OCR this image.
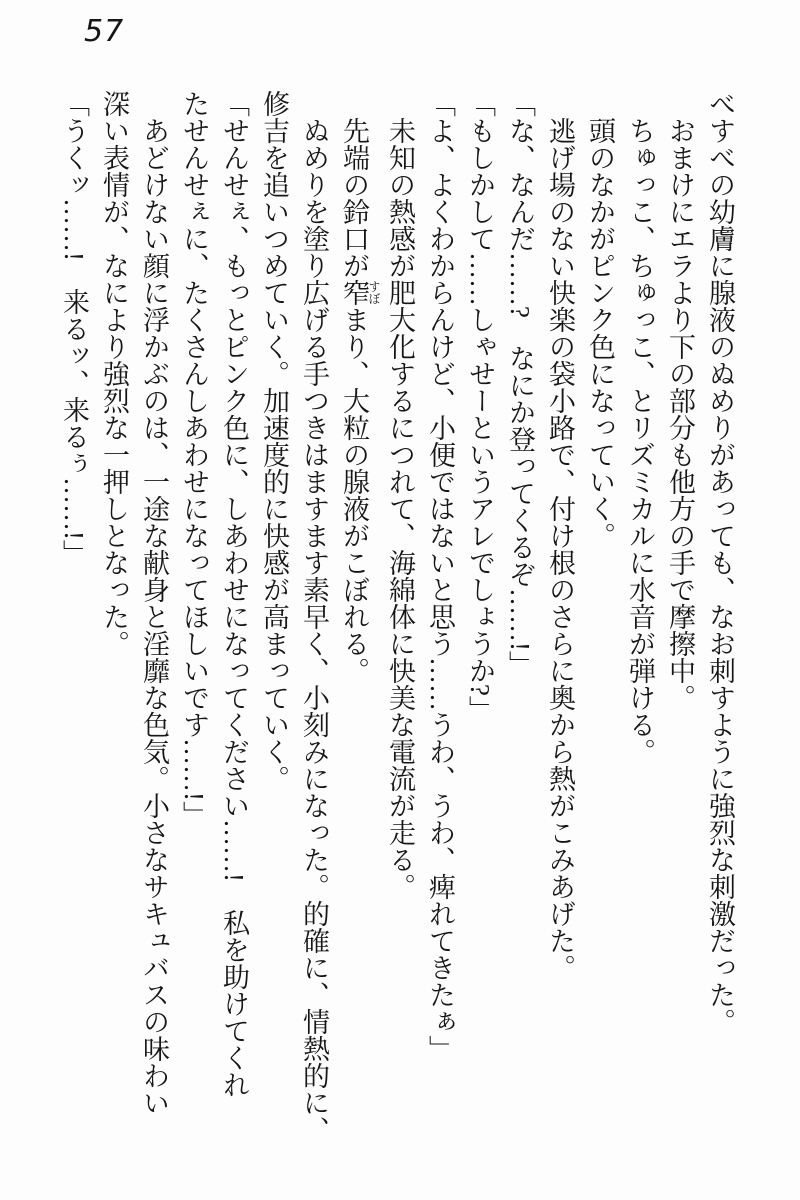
57

べすべの幼膚に腺液のぬめりがあっても、なお刺すように強烈な刺激だった。

おまけにエラより下の部分も他方の手で摩擦中。

ちゅっこ、ちゅっこ、とリズミカルに水音が弾ける。

頭のなかがピンク色になっていく。

逃げ場のない快楽の袋小路で、付け根のさらに奥から熱がこみあげた。

「な、なんだ……?　なにか登ってくるぞ……!」

「もしかして……しゃせーというアレでしょうか?」

「よ、よくわからんけど、小便ではないと思う……うわ、うわ、痺れてきたぁ」

未知の熱感が肥大化するにつれて、海綿体に快美な電流が走る。

先端の鈴口が窄すぼまり、大粒の腺液がこぼれる。

ぬめりを塗り広げる手つきはますます素早く、小刻みになった。的確に、情熱的に、

修吉を追いつめていく。加速度的に快感が高まっていく。

「せんせぇ、もっとピンク色に、しあわせになってください……!　私を助けてくれ

たせんせぇに、たくさんしあわせになってほしいです……!」

あどけない顔に浮かぶのは、一途な献身と淫靡な色気。小さなサキュバスの味わい

深い表情が、なにより強烈な一押しとなった。

「うくッ……!　来るッ、来るぅ……!」
